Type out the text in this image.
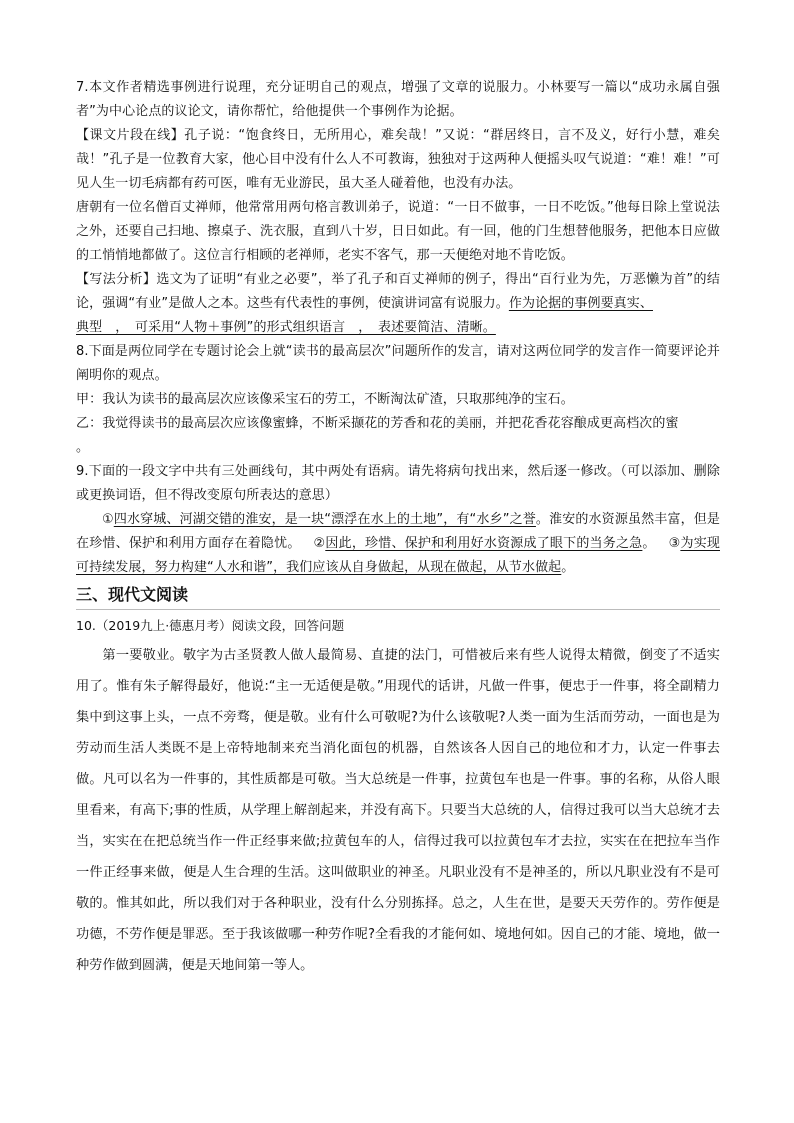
7.本文作者精选事例进行说理，充分证明自己的观点，增强了文章的说服力。小林要写一篇以“成功永属自强者”为中心论点的议论文，请你帮忙，给他提供一个事例作为论据。

【课文片段在线】孔子说：“饱食终日，无所用心，难矣哉！”又说：“群居终日，言不及义，好行小慧，难矣哉！”孔子是一位教育大家，他心目中没有什么人不可教诲，独独对于这两种人便摇头叹气说道：“难！难！”可见人生一切毛病都有药可医，唯有无业游民，虽大圣人碰着他，也没有办法。

唐朝有一位名僧百丈禅师，他常常用两句格言教训弟子，说道：“一日不做事，一日不吃饭。”他每日除上堂说法之外，还要自己扫地、擦桌子、洗衣服，直到八十岁，日日如此。有一回，他的门生想替他服务，把他本日应做的工悄悄地都做了。这位言行相顾的老禅师，老实不客气，那一天便绝对地不肯吃饭。

【写法分析】选文为了证明“有业之必要”，举了孔子和百丈禅师的例子，得出“百行业为先，万恶懒为首”的结论，强调“有业”是做人之本。这些有代表性的事例，使演讲词富有说服力。作为论据的事例要真实、
典型　，　可采用“人物＋事例”的形式组织语言　，　表述要简洁、清晰。

8.下面是两位同学在专题讨论会上就“读书的最高层次”问题所作的发言，请对这两位同学的发言作一简要评论并阐明你的观点。

甲：我认为读书的最高层次应该像采宝石的劳工，不断淘汰矿渣，只取那纯净的宝石。

乙：我觉得读书的最高层次应该像蜜蜂，不断采撷花的芳香和花的美丽，并把花香花容酿成更高档次的蜜
。

9.下面的一段文字中共有三处画线句，其中两处有语病。请先将病句找出来，然后逐一修改。（可以添加、删除或更换词语，但不得改变原句所表达的意思）

①四水穿城、河湖交错的淮安，是一块“漂浮在水上的土地”，有“水乡”之誉。淮安的水资源虽然丰富，但是在珍惜、保护和利用方面存在着隐忧。 ②因此，珍惜、保护和利用好水资源成了眼下的当务之急。 ③为实现可持续发展，努力构建“人水和谐”，我们应该从自身做起，从现在做起，从节水做起。

三、现代文阅读

10.（2019九上·德惠月考）阅读文段，回答问题

第一要敬业。敬字为古圣贤教人做人最简易、直捷的法门，可惜被后来有些人说得太精微，倒变了不适实用了。惟有朱子解得最好，他说:“主一无适便是敬。”用现代的话讲，凡做一件事，便忠于一件事，将全副精力集中到这事上头，一点不旁骛，便是敬。业有什么可敬呢?为什么该敬呢?人类一面为生活而劳动，一面也是为劳动而生活人类既不是上帝特地制来充当消化面包的机器，自然该各人因自己的地位和才力，认定一件事去做。凡可以名为一件事的，其性质都是可敬。当大总统是一件事，拉黄包车也是一件事。事的名称，从俗人眼里看来，有高下;事的性质，从学理上解剖起来，并没有高下。只要当大总统的人，信得过我可以当大总统才去当，实实在在把总统当作一件正经事来做;拉黄包车的人，信得过我可以拉黄包车才去拉，实实在在把拉车当作一件正经事来做，便是人生合理的生活。这叫做职业的神圣。凡职业没有不是神圣的，所以凡职业没有不是可敬的。惟其如此，所以我们对于各种职业，没有什么分别拣择。总之，人生在世，是要天天劳作的。劳作便是功德，不劳作便是罪恶。至于我该做哪一种劳作呢?全看我的才能何如、境地何如。因自己的才能、境地，做一种劳作做到圆满，便是天地间第一等人。
